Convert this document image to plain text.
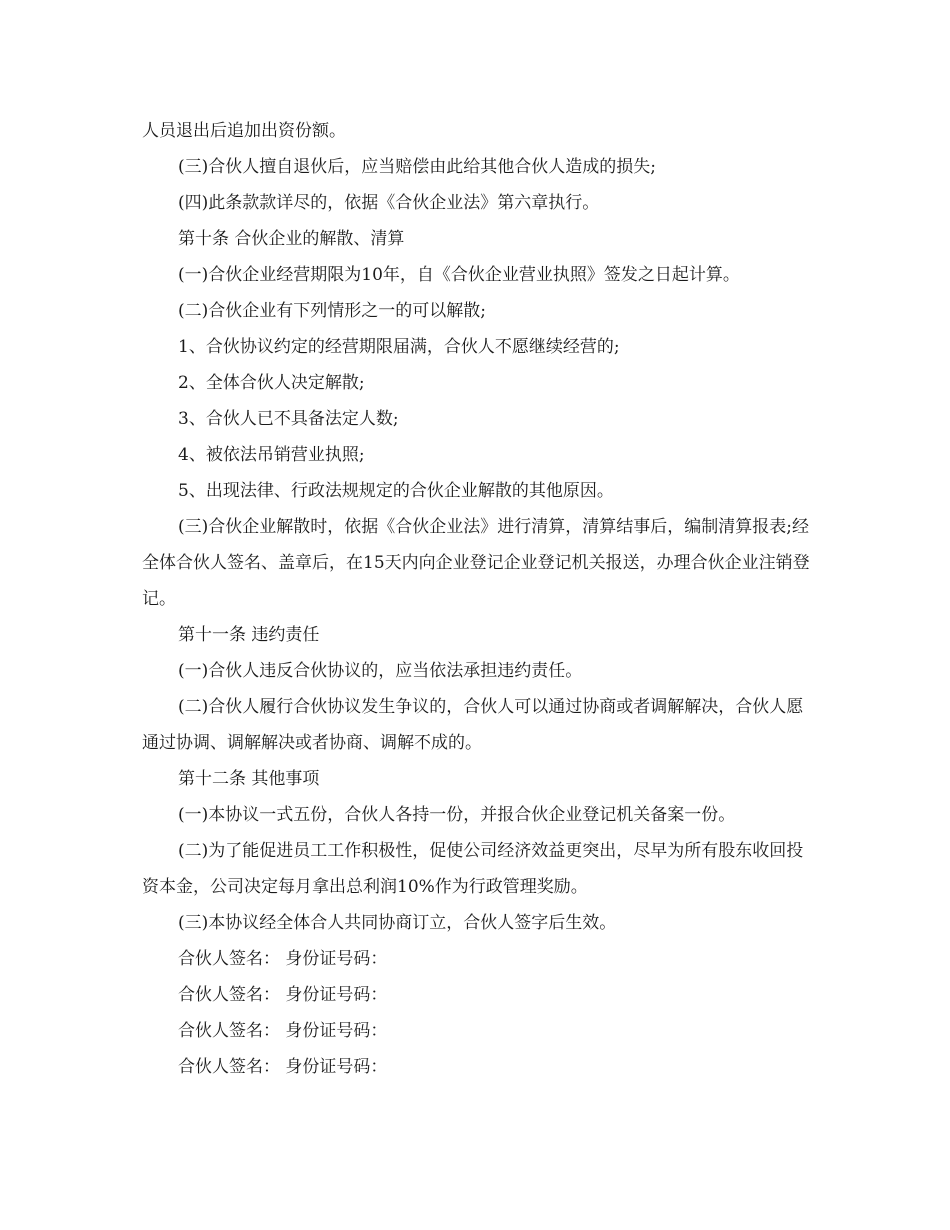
人员退出后追加出资份额。

(三)合伙人擅自退伙后，应当赔偿由此给其他合伙人造成的损失;

(四)此条款款详尽的，依据《合伙企业法》第六章执行。

第十条 合伙企业的解散、清算

(一)合伙企业经营期限为10年，自《合伙企业营业执照》签发之日起计算。

(二)合伙企业有下列情形之一的可以解散;

1、合伙协议约定的经营期限届满，合伙人不愿继续经营的;

2、全体合伙人决定解散;

3、合伙人已不具备法定人数;

4、被依法吊销营业执照;

5、出现法律、行政法规规定的合伙企业解散的其他原因。

(三)合伙企业解散时，依据《合伙企业法》进行清算，清算结事后，编制清算报表;经全体合伙人签名、盖章后，在15天内向企业登记企业登记机关报送，办理合伙企业注销登记。

第十一条 违约责任

(一)合伙人违反合伙协议的，应当依法承担违约责任。

(二)合伙人履行合伙协议发生争议的，合伙人可以通过协商或者调解解决，合伙人愿通过协调、调解解决或者协商、调解不成的。

第十二条 其他事项

(一)本协议一式五份，合伙人各持一份，并报合伙企业登记机关备案一份。

(二)为了能促进员工工作积极性，促使公司经济效益更突出，尽早为所有股东收回投资本金，公司决定每月拿出总利润10%作为行政管理奖励。

(三)本协议经全体合人共同协商订立，合伙人签字后生效。

合伙人签名： 身份证号码：

合伙人签名： 身份证号码：

合伙人签名： 身份证号码：

合伙人签名： 身份证号码：
